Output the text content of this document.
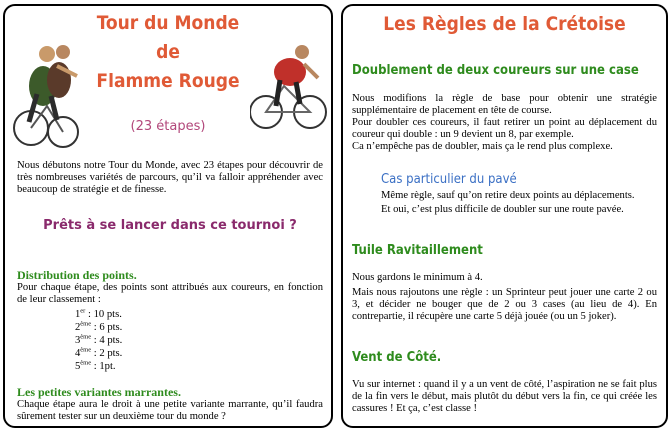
Tour du Monde
de
Flamme Rouge
(23 étapes)
Nous débutons notre Tour du Monde, avec 23 étapes pour découvrir de très nombreuses variétés de parcours, qu’il va falloir appréhender avec beaucoup de stratégie et de finesse.
Prêts à se lancer dans ce tournoi ?
Distribution des points.
Pour chaque étape, des points sont attribués aux coureurs, en fonction de leur classement :
1er : 10 pts.
2ème : 6 pts.
3ème : 4 pts.
4ème : 2 pts.
5ème : 1pt.
Les petites variantes marrantes.
Chaque étape aura le droit à une petite variante marrante, qu’il faudra sûrement tester sur un deuxième tour du monde ?
Les Règles de la Crétoise
Doublement de deux coureurs sur une case
Nous modifions la règle de base pour obtenir une stratégie supplémentaire de placement en tête de course.
Pour doubler ces coureurs, il faut retirer un point au déplacement du coureur qui double : un 9 devient un 8, par exemple.
Ca n’empêche pas de doubler, mais ça le rend plus complexe.
Cas particulier du pavé
Même règle, sauf qu’on retire deux points au déplacements.
Et oui, c’est plus difficile de doubler sur une route pavée.
Tuile Ravitaillement
Nous gardons le minimum à 4.
Mais nous rajoutons une règle : un Sprinteur peut jouer une carte 2 ou 3, et décider ne bouger que de 2 ou 3 cases (au lieu de 4). En contrepartie, il récupère une carte 5 déjà jouée (ou un 5 joker).
Vent de Côté.
Vu sur internet : quand il y a un vent de côté, l’aspiration ne se fait plus de la fin vers le début, mais plutôt du début vers la fin, ce qui créée les cassures ! Et ça, c’est classe !
